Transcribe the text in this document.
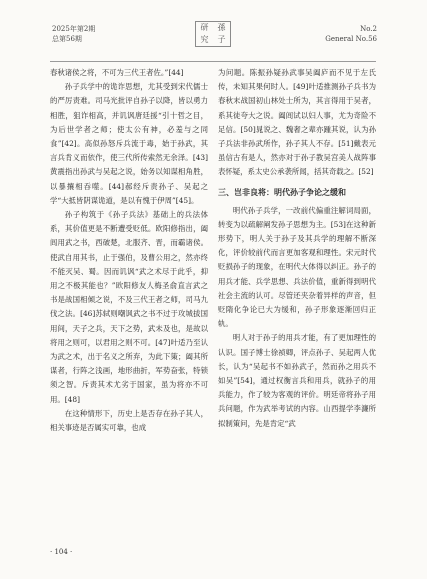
2025年第2期
总第56期
研	孫
究	子
No.2
General No.56

春秋诸侯之将，不可为三代王者佐。”[44]

孙子兵学中的诡诈思想，尤其受到宋代儒士的严厉责难。司马光批评自孙子以降，皆以勇力相胜，狙诈相高，并讥讽唐廷援“引十哲之目，为后世学者之师；使太公有神，必羞与之同食”[42]。高似孙怒斥兵流于毒，始于孙武，其言兵肯义而依作，使三代所传索然无余泽。[43]黄震指出孙武与吴起之说，始务以知谋相角胜，以暴攘相吞噬。[44]郝经斥责孙子、吴起之学“大抵皆阴谋诡道，是以有愧于伊周”[45]。

孙子构筑于《孙子兵法》基础上的兵法体系，其价值更是不断遭受贬低。欧阳修指出，阖闾用武之书，西破楚，北服齐、晋，而霸诸侯。使武自用其书，止于强伯，及曹公用之，然亦终不能灭吴、蜀。因而讥讽“武之术尽于此乎，抑用之不极其能也？”欧阳修友人梅圣俞直言武之书是战国相倾之说，不及三代王者之师，司马九伐之法。[46]苏轼则嘲讽武之书不过于攻城拔国用间，天子之兵，天下之势，武未及也，是故以将用之则可，以君用之则不可。[47]叶适乃至认为武之术，出于名义之所弃，为此下策；阖其所谋者，行阵之浅画，地形曲折，军势奋张，特锁须之智。斥责其术尤劣于国家，虽为将亦不可用。[48]

在这种情形下，历史上是否存在孙子其人，相关事迹是否属实可靠，也成

为问题。陈振孙疑孙武事吴阖庐而不见于左氏传，未知其果何时人。[49]叶适推测孙子兵书为春秋末战国初山林处士所为，其言得用于吴者，系其徒夸大之说。阖闾试以妇人事，尤为奇险不足信。[50]晁说之、魏奢之辈亦踵其说，认为孙子兵法非孙武所作，孙子其人不存。[51]戴表元虽信古有是人，然亦对于孙子教吴宫美人战阵事表怀疑，系太史公承袭所闻，括其奇载之。[52]

三、岂非良将：明代孙子争论之缓和

明代孙子兵学，一改前代偏重注解词局面，转变为以疏解阐发孙子思想为主。[53]在这种新形势下，明人关于孙子及其兵学的理解不断深化，评价较前代而言更加客观和理性。宋元时代贬损孙子的现象，在明代大体得以纠正。孙子的用兵才能、兵学思想、兵法价值，重新得到明代社会主流的认可。尽管还夹杂着异样的声音，但贬隋化争论已大为缓和，孙子形象逐渐回归正轨。

明人对于孙子的用兵才能，有了更加理性的认识。国子博士徐祯卿，评点孙子、吴起两人优长，认为“吴起书不如孙武子，然而孙之用兵不如吴”[54]，通过权衡言兵和用兵，就孙子的用兵能力，作了较为客观的评价。明廷帝将孙子用兵问题，作为武举考试的内容。山西提学李濂所拟制策问，先是肯定“武

· 104 ·
